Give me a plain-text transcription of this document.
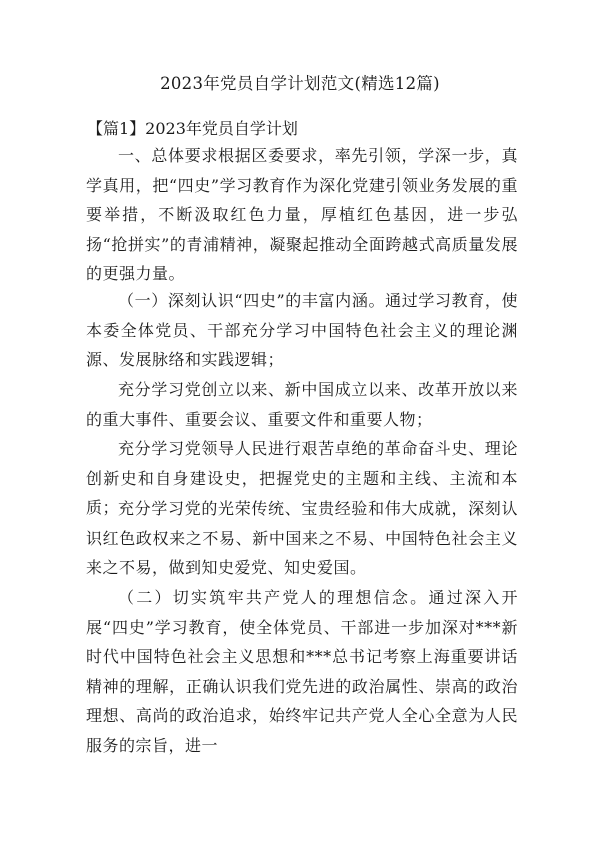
2023年党员自学计划范文(精选12篇)
【篇1】2023年党员自学计划

一、总体要求根据区委要求，率先引领，学深一步，真学真用，把“四史”学习教育作为深化党建引领业务发展的重要举措，不断汲取红色力量，厚植红色基因，进一步弘扬“抢拼实”的青浦精神，凝聚起推动全面跨越式高质量发展的更强力量。

（一）深刻认识“四史”的丰富内涵。通过学习教育，使本委全体党员、干部充分学习中国特色社会主义的理论渊源、发展脉络和实践逻辑；

充分学习党创立以来、新中国成立以来、改革开放以来的重大事件、重要会议、重要文件和重要人物；

充分学习党领导人民进行艰苦卓绝的革命奋斗史、理论创新史和自身建设史，把握党史的主题和主线、主流和本质；

充分学习党的光荣传统、宝贵经验和伟大成就，深刻认识红色政权来之不易、新中国来之不易、中国特色社会主义来之不易，做到知史爱党、知史爱国。

（二）切实筑牢共产党人的理想信念。通过深入开展“四史”学习教育，使全体党员、干部进一步加深对***新时代中国特色社会主义思想和***总书记考察上海重要讲话精神的理解，正确认识我们党先进的政治属性、崇高的政治理想、高尚的政治追求，始终牢记共产党人全心全意为人民服务的宗旨，进一
